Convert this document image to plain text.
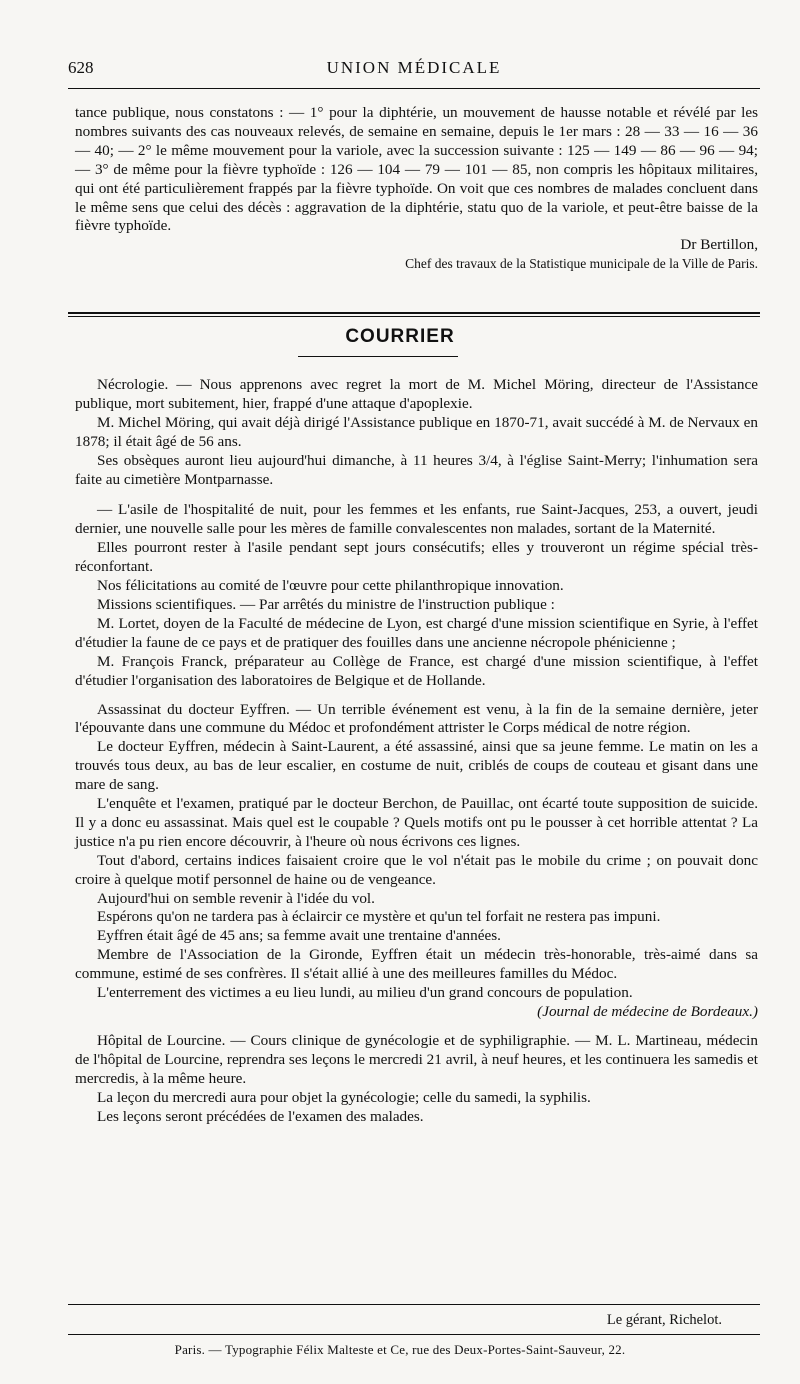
628	UNION MÉDICALE

tance publique, nous constatons : — 1° pour la diphtérie, un mouvement de hausse notable et révélé par les nombres suivants des cas nouveaux relevés, de semaine en semaine, depuis le 1er mars : 28 — 33 — 16 — 36 — 40; — 2° le même mouvement pour la variole, avec la succession suivante : 125 — 149 — 86 — 96 — 94; — 3° de même pour la fièvre typhoïde : 126 — 104 — 79 — 101 — 85, non compris les hôpitaux militaires, qui ont été particulièrement frappés par la fièvre typhoïde. On voit que ces nombres de malades concluent dans le même sens que celui des décès : aggravation de la diphtérie, statu quo de la variole, et peut-être baisse de la fièvre typhoïde.

Dr Bertillon,

Chef des travaux de la Statistique municipale de la Ville de Paris.

COURRIER

Nécrologie. — Nous apprenons avec regret la mort de M. Michel Möring, directeur de l'Assistance publique, mort subitement, hier, frappé d'une attaque d'apoplexie.

M. Michel Möring, qui avait déjà dirigé l'Assistance publique en 1870-71, avait succédé à M. de Nervaux en 1878; il était âgé de 56 ans.

Ses obsèques auront lieu aujourd'hui dimanche, à 11 heures 3/4, à l'église Saint-Merry; l'inhumation sera faite au cimetière Montparnasse.

— L'asile de l'hospitalité de nuit, pour les femmes et les enfants, rue Saint-Jacques, 253, a ouvert, jeudi dernier, une nouvelle salle pour les mères de famille convalescentes non malades, sortant de la Maternité.

Elles pourront rester à l'asile pendant sept jours consécutifs; elles y trouveront un régime spécial très-réconfortant.

Nos félicitations au comité de l'œuvre pour cette philanthropique innovation.

Missions scientifiques. — Par arrêtés du ministre de l'instruction publique :

M. Lortet, doyen de la Faculté de médecine de Lyon, est chargé d'une mission scientifique en Syrie, à l'effet d'étudier la faune de ce pays et de pratiquer des fouilles dans une ancienne nécropole phénicienne ;

M. François Franck, préparateur au Collège de France, est chargé d'une mission scientifique, à l'effet d'étudier l'organisation des laboratoires de Belgique et de Hollande.

Assassinat du docteur Eyffren. — Un terrible événement est venu, à la fin de la semaine dernière, jeter l'épouvante dans une commune du Médoc et profondément attrister le Corps médical de notre région.

Le docteur Eyffren, médecin à Saint-Laurent, a été assassiné, ainsi que sa jeune femme. Le matin on les a trouvés tous deux, au bas de leur escalier, en costume de nuit, criblés de coups de couteau et gisant dans une mare de sang.

L'enquête et l'examen, pratiqué par le docteur Berchon, de Pauillac, ont écarté toute supposition de suicide. Il y a donc eu assassinat. Mais quel est le coupable ? Quels motifs ont pu le pousser à cet horrible attentat ? La justice n'a pu rien encore découvrir, à l'heure où nous écrivons ces lignes.

Tout d'abord, certains indices faisaient croire que le vol n'était pas le mobile du crime ; on pouvait donc croire à quelque motif personnel de haine ou de vengeance.

Aujourd'hui on semble revenir à l'idée du vol.

Espérons qu'on ne tardera pas à éclaircir ce mystère et qu'un tel forfait ne restera pas impuni.

Eyffren était âgé de 45 ans; sa femme avait une trentaine d'années.

Membre de l'Association de la Gironde, Eyffren était un médecin très-honorable, très-aimé dans sa commune, estimé de ses confrères. Il s'était allié à une des meilleures familles du Médoc.

L'enterrement des victimes a eu lieu lundi, au milieu d'un grand concours de population.

(Journal de médecine de Bordeaux.)

Hôpital de Lourcine. — Cours clinique de gynécologie et de syphiligraphie. — M. L. Martineau, médecin de l'hôpital de Lourcine, reprendra ses leçons le mercredi 21 avril, à neuf heures, et les continuera les samedis et mercredis, à la même heure.

La leçon du mercredi aura pour objet la gynécologie; celle du samedi, la syphilis.

Les leçons seront précédées de l'examen des malades.

Le gérant, Richelot.
Paris. — Typographie Félix Malteste et Ce, rue des Deux-Portes-Saint-Sauveur, 22.
